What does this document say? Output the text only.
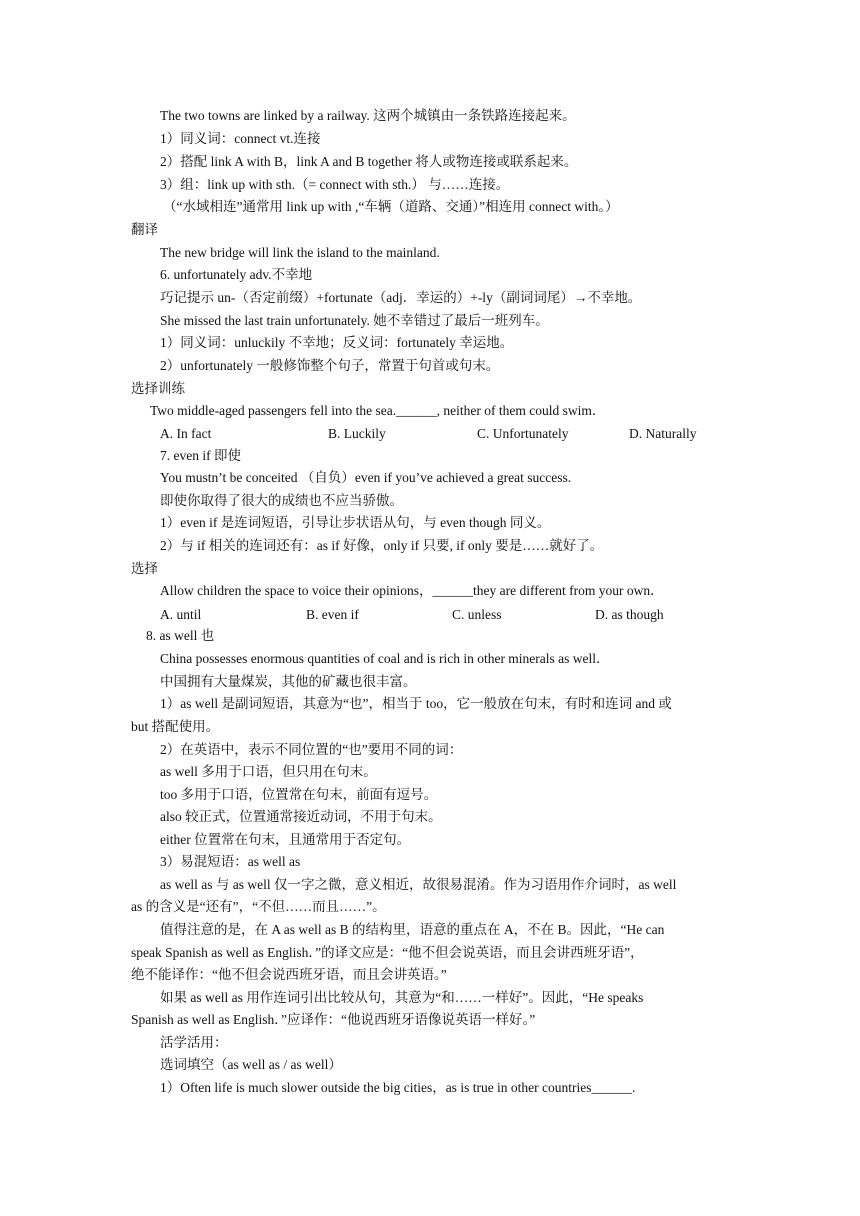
The two towns are linked by a railway. 这两个城镇由一条铁路连接起来。
1）同义词：connect vt.连接
2）搭配 link A with B，link A and B together 将人或物连接或联系起来。
3）组：link up with sth.（= connect with sth.） 与……连接。
（“水域相连”通常用 link up with ,“车辆（道路、交通）”相连用 connect with。）
翻译
The new bridge will link the island to the mainland.
6. unfortunately adv.不幸地
巧记提示 un-（否定前缀）+fortunate（adj．幸运的）+-ly（副词词尾）→不幸地。
She missed the last train unfortunately. 她不幸错过了最后一班列车。
1）同义词：unluckily 不幸地；反义词：fortunately 幸运地。
2）unfortunately 一般修饰整个句子，常置于句首或句末。
选择训练
Two middle-aged passengers fell into the sea.______, neither of them could swim．
A. In fact	B. Luckily	C. Unfortunately	D. Naturally
7. even if 即使
You mustn’t be conceited （自负）even if you’ve achieved a great success.
即使你取得了很大的成绩也不应当骄傲。
1）even if 是连词短语，引导让步状语从句，与 even though 同义。
2）与 if 相关的连词还有：as if 好像，only if 只要, if only 要是……就好了。
选择
Allow children the space to voice their opinions，______they are different from your own．
A. until	B. even if	C. unless	D. as though
8. as well 也
China possesses enormous quantities of coal and is rich in other minerals as well．
中国拥有大量煤炭，其他的矿藏也很丰富。
1）as well 是副词短语，其意为“也”，相当于 too，它一般放在句末，有时和连词 and 或
but 搭配使用。
2）在英语中，表示不同位置的“也”要用不同的词：
as well 多用于口语，但只用在句末。
too 多用于口语，位置常在句末，前面有逗号。
also 较正式，位置通常接近动词，不用于句末。
either 位置常在句末，且通常用于否定句。
3）易混短语：as well as
as well as 与 as well 仅一字之微，意义相近，故很易混淆。作为习语用作介词时，as well
as 的含义是“还有”，“不但……而且……”。
值得注意的是，在 A as well as B 的结构里，语意的重点在 A，不在 B。因此，“He can
speak Spanish as well as English．”的译文应是：“他不但会说英语，而且会讲西班牙语”，
绝不能译作：“他不但会说西班牙语，而且会讲英语。”
如果 as well as 用作连词引出比较从句，其意为“和……一样好”。因此，“He speaks
Spanish as well as English．”应译作：“他说西班牙语像说英语一样好。”
活学活用：
选词填空（as well as / as well）
1）Often life is much slower outside the big cities，as is true in other countries______.
